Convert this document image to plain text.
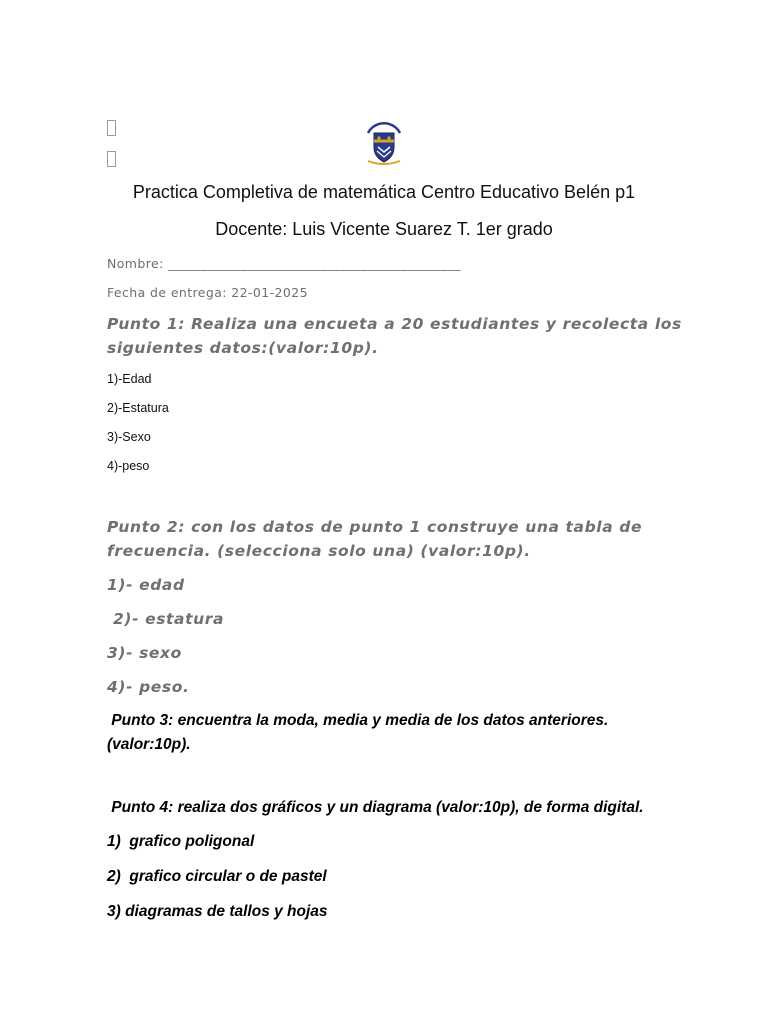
Practica Completiva de matemática Centro Educativo Belén p1
Docente: Luis Vicente Suarez T. 1er grado
Nombre: ____________________________________________
Fecha de entrega: 22-01-2025
Punto 1: Realiza una encueta a 20 estudiantes y recolecta los
siguientes datos:(valor:10p).
1)-Edad
2)-Estatura
3)-Sexo
4)-peso
Punto 2: con los datos de punto 1 construye una tabla de
frecuencia. (selecciona solo una) (valor:10p).
1)- edad
2)- estatura
3)- sexo
4)- peso.
Punto 3: encuentra la moda, media y media de los datos anteriores.
(valor:10p).
Punto 4: realiza dos gráficos y un diagrama (valor:10p), de forma digital.
1)  grafico poligonal
2)  grafico circular o de pastel
3) diagramas de tallos y hojas
